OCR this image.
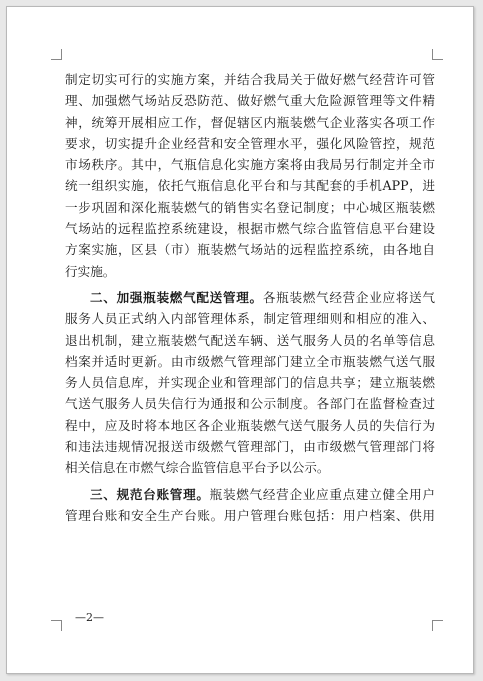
制定切实可行的实施方案，并结合我局关于做好燃气经营许可管
理、加强燃气场站反恐防范、做好燃气重大危险源管理等文件精
神，统筹开展相应工作，督促辖区内瓶装燃气企业落实各项工作
要求，切实提升企业经营和安全管理水平，强化风险管控，规范
市场秩序。其中，气瓶信息化实施方案将由我局另行制定并全市
统一组织实施，依托气瓶信息化平台和与其配套的手机APP，进
一步巩固和深化瓶装燃气的销售实名登记制度；中心城区瓶装燃
气场站的远程监控系统建设，根据市燃气综合监管信息平台建设
方案实施，区县（市）瓶装燃气场站的远程监控系统，由各地自
行实施。
二、加强瓶装燃气配送管理。各瓶装燃气经营企业应将送气
服务人员正式纳入内部管理体系，制定管理细则和相应的准入、
退出机制，建立瓶装燃气配送车辆、送气服务人员的名单等信息
档案并适时更新。由市级燃气管理部门建立全市瓶装燃气送气服
务人员信息库，并实现企业和管理部门的信息共享；建立瓶装燃
气送气服务人员失信行为通报和公示制度。各部门在监督检查过
程中，应及时将本地区各企业瓶装燃气送气服务人员的失信行为
和违法违规情况报送市级燃气管理部门，由市级燃气管理部门将
相关信息在市燃气综合监管信息平台予以公示。
三、规范台账管理。瓶装燃气经营企业应重点建立健全用户
管理台账和安全生产台账。用户管理台账包括：用户档案、供用
—2—
